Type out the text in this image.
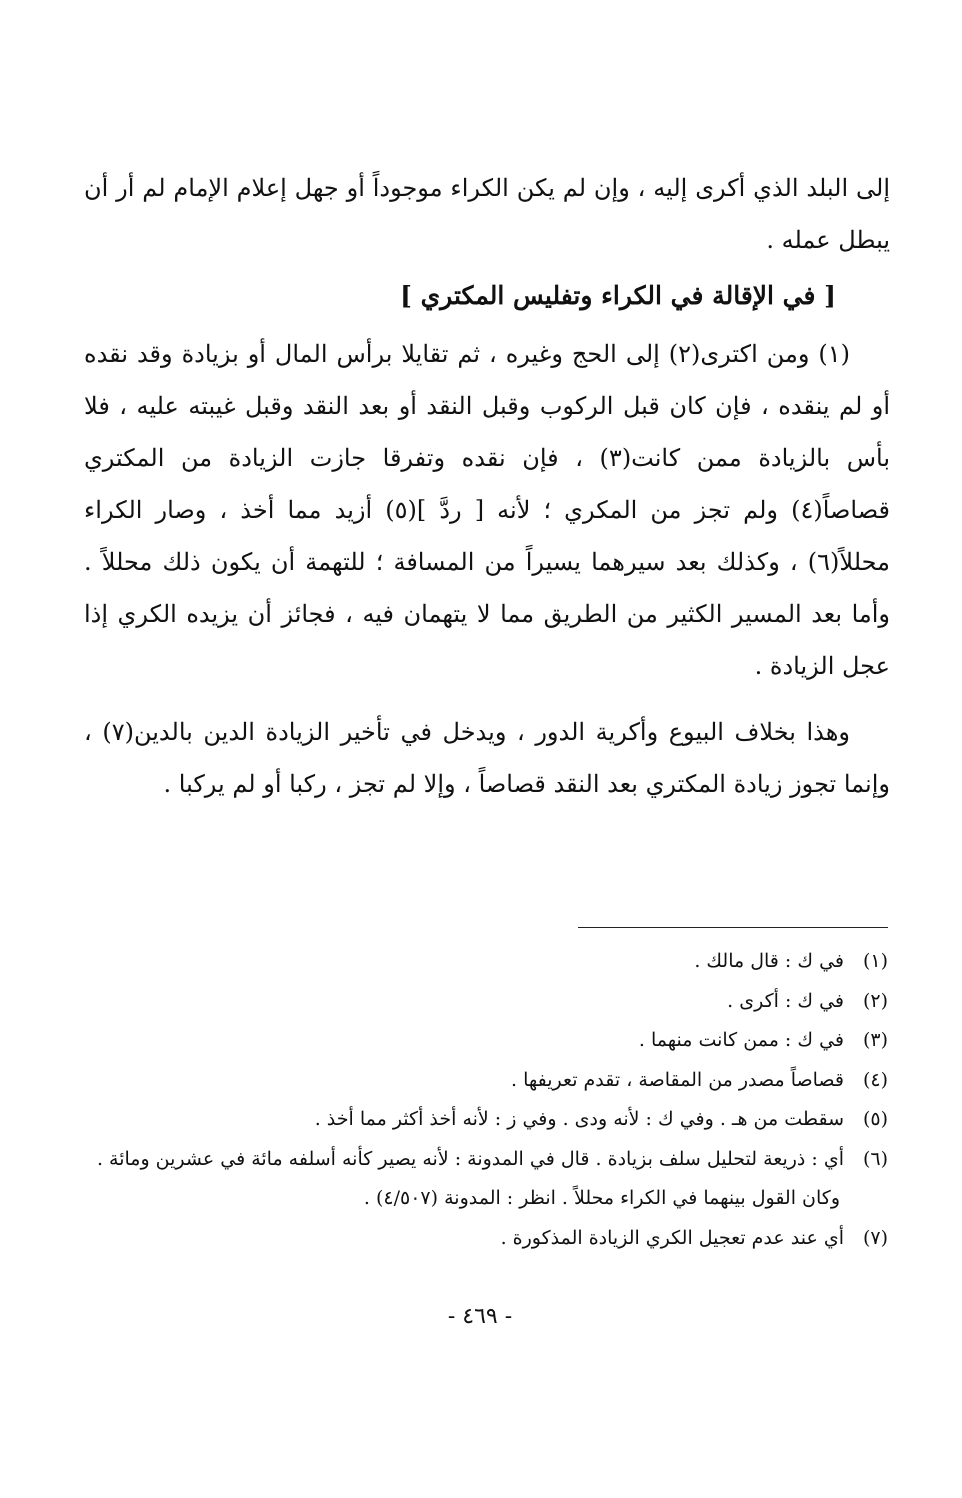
إلى البلد الذي أكرى إليه ، وإن لم يكن الكراء موجوداً أو جهل إعلام الإمام لم أر أن يبطل عمله .

[ في الإقالة في الكراء وتفليس المكتري ]

(١) ومن اكترى(٢) إلى الحج وغيره ، ثم تقايلا برأس المال أو بزيادة وقد نقده أو لم ينقده ، فإن كان قبل الركوب وقبل النقد أو بعد النقد وقبل غيبته عليه ، فلا بأس بالزيادة ممن كانت(٣) ، فإن نقده وتفرقا جازت الزيادة من المكتري قصاصاً(٤) ولم تجز من المكري ؛ لأنه [ ردَّ ](٥) أزيد مما أخذ ، وصار الكراء محللاً(٦) ، وكذلك بعد سيرهما يسيراً من المسافة ؛ للتهمة أن يكون ذلك محللاً . وأما بعد المسير الكثير من الطريق مما لا يتهمان فيه ، فجائز أن يزيده الكري إذا عجل الزيادة .

وهذا بخلاف البيوع وأكرية الدور ، ويدخل في تأخير الزيادة الدين بالدين(٧) ، وإنما تجوز زيادة المكتري بعد النقد قصاصاً ، وإلا لم تجز ، ركبا أو لم يركبا .

(١)في ك : قال مالك .

(٢)في ك : أكرى .

(٣)في ك : ممن كانت منهما .

(٤)قصاصاً مصدر من المقاصة ، تقدم تعريفها .

(٥)سقطت من هـ . وفي ك : لأنه ودى . وفي ز : لأنه أخذ أكثر مما أخذ .

(٦)أي : ذريعة لتحليل سلف بزيادة . قال في المدونة : لأنه يصير كأنه أسلفه مائة في عشرين ومائة .

وكان القول بينهما في الكراء محللاً . انظر : المدونة (٤/٥٠٧) .

(٧)أي عند عدم تعجيل الكري الزيادة المذكورة .

- ٤٦٩ -
